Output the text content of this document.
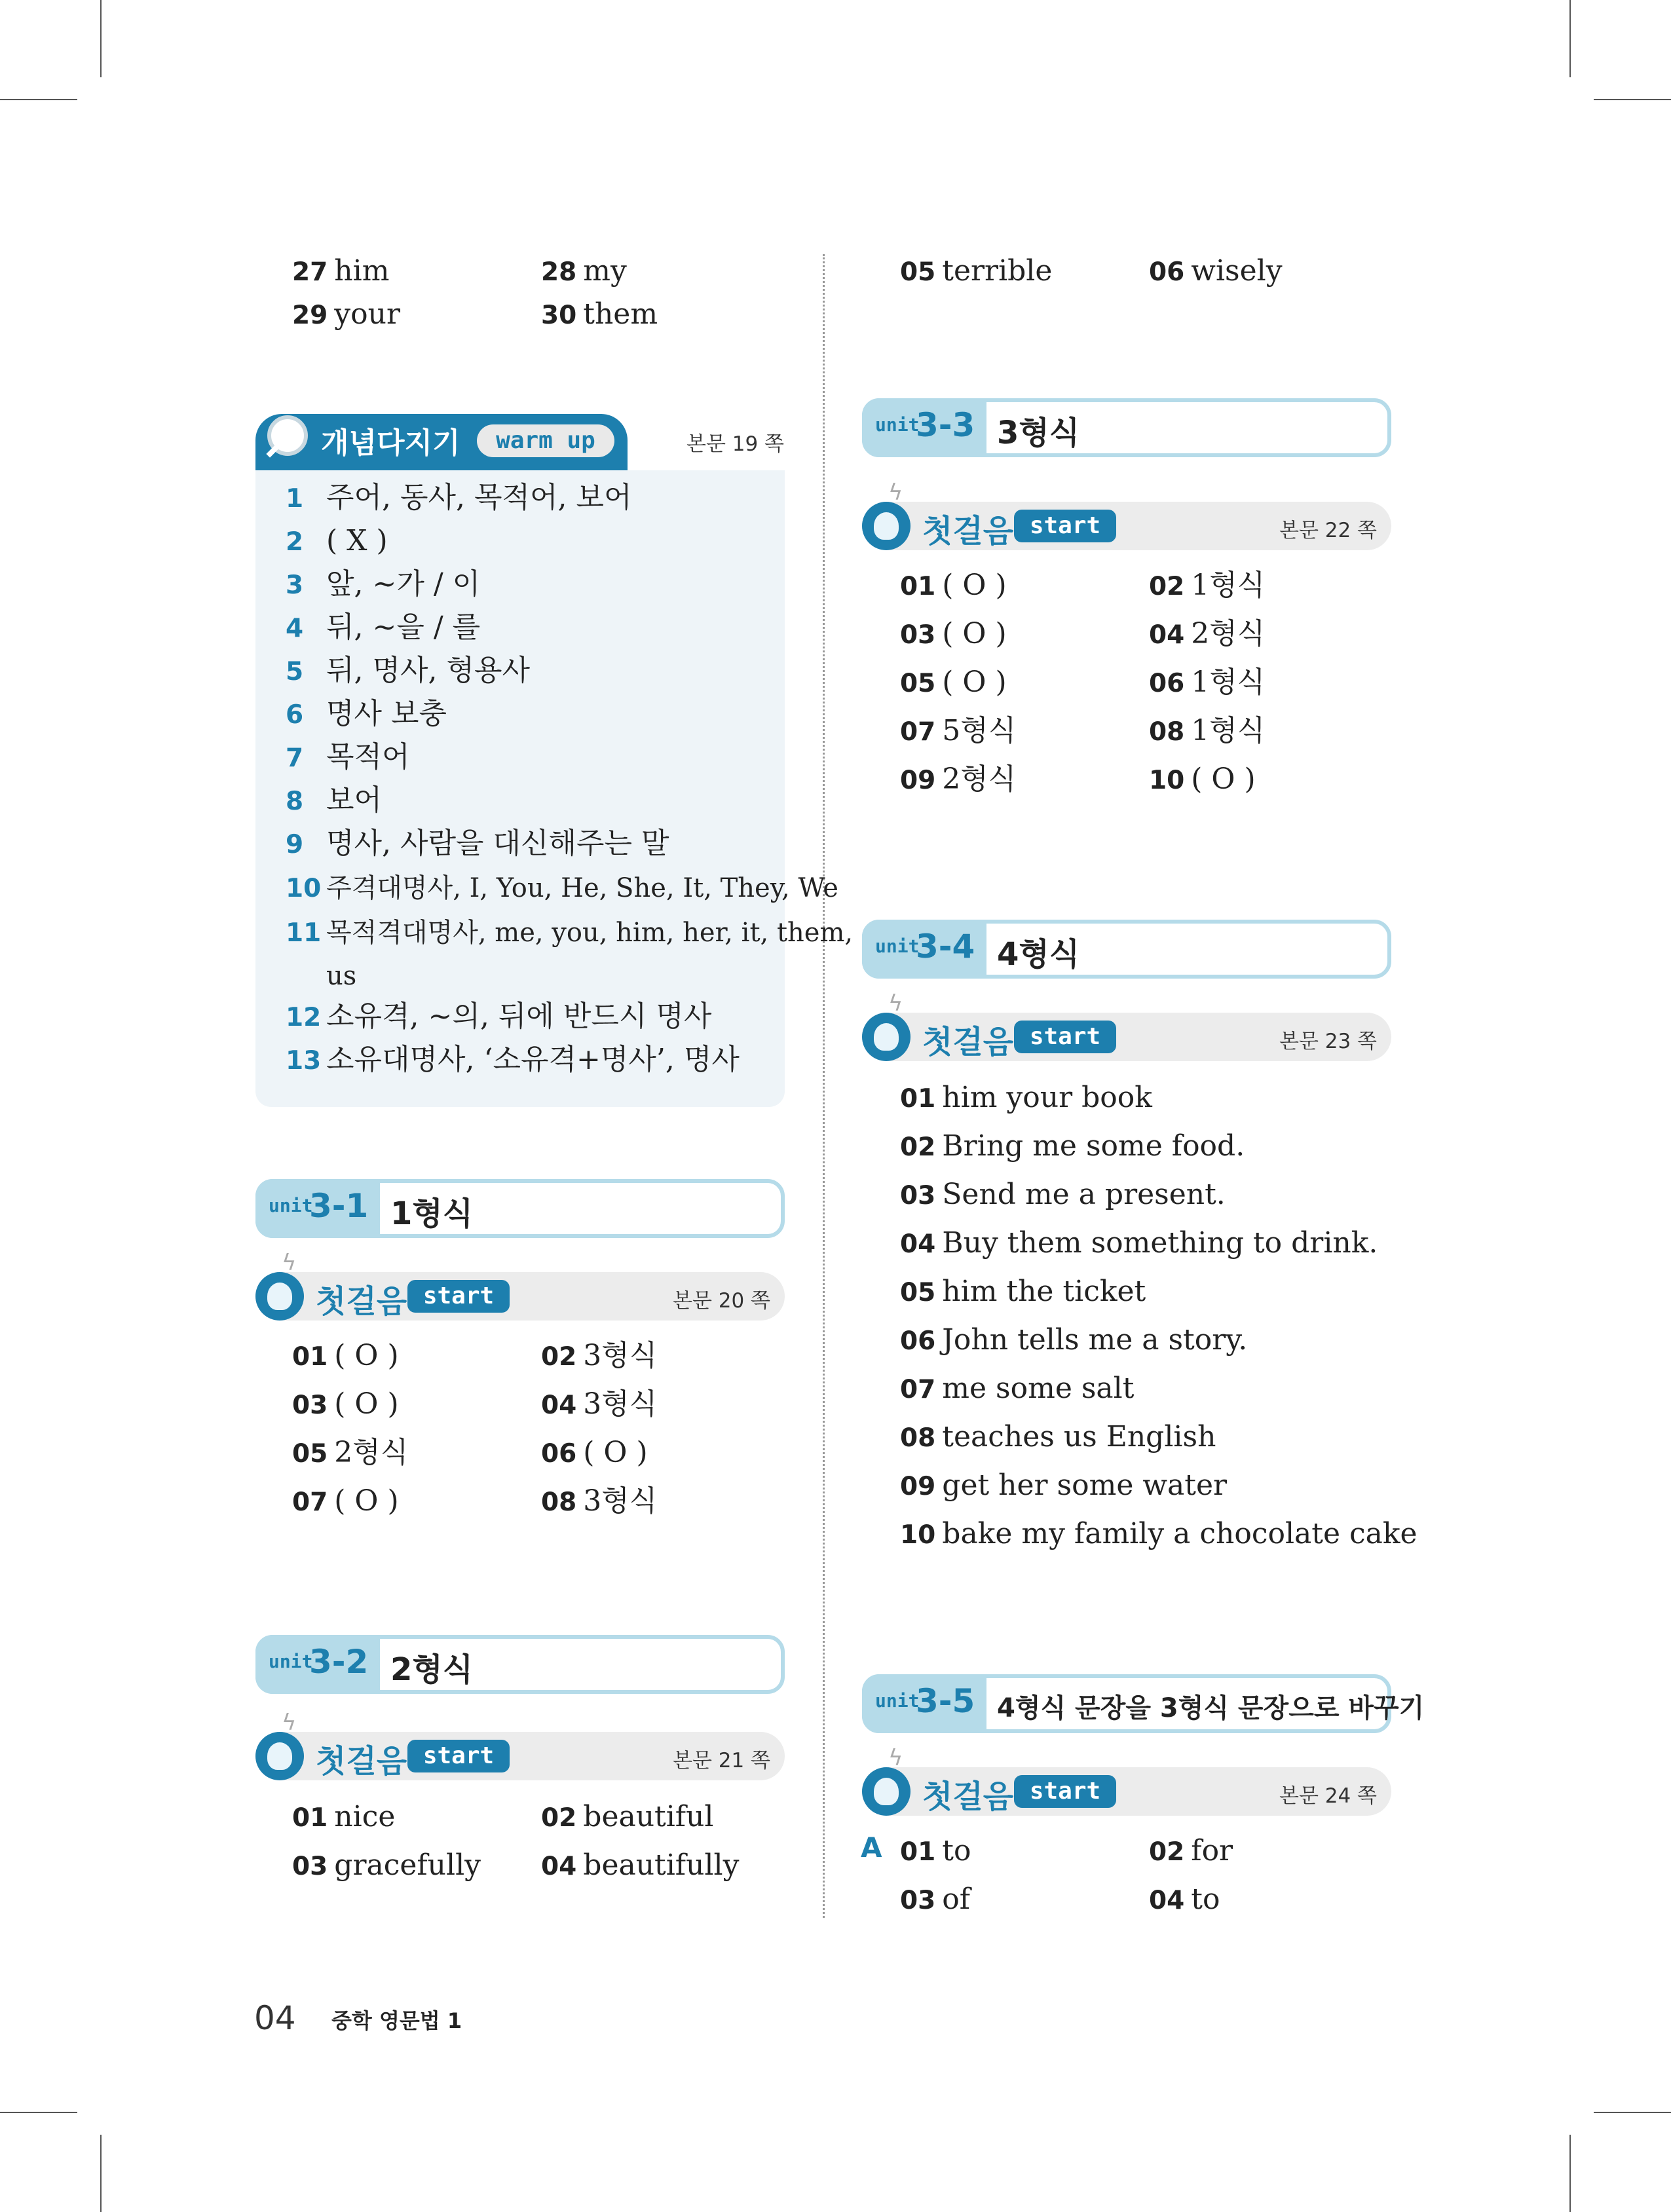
27 him	28 my
29 your	30 them
05 terrible	06 wisely
개념다지기	warm up	본문 19 쪽
1 주어, 동사, 목적어, 보어
2 ( X )
3 앞, ~가 / 이
4 뒤, ~을 / 를
5 뒤, 명사, 형용사
6 명사 보충
7 목적어
8 보어
9 명사, 사람을 대신해주는 말
10 주격대명사, I, You, He, She, It, They, We
11 목적격대명사, me, you, him, her, it, them,
us
12 소유격, ~의, 뒤에 반드시 명사
13 소유대명사, ‘소유격+명사’, 명사
unit
3-1 1형식
ϟ
첫걸음 start	본문 20 쪽
01 ( O )	02 3형식
03 ( O )	04 3형식
05 2형식	06 ( O )
07 ( O )	08 3형식
unit
3-2 2형식
ϟ
첫걸음 start	본문 21 쪽
01 nice	02 beautiful
03 gracefully 04 beautifully
unit
3-3 3형식
ϟ
첫걸음 start	본문 22 쪽
01 ( O )	02 1형식
03 ( O )	04 2형식
05 ( O )	06 1형식
07 5형식	08 1형식
09 2형식	10 ( O )
unit
3-4 4형식
ϟ
첫걸음 start	본문 23 쪽
01 him your book
02 Bring me some food.
03 Send me a present.
04 Buy them something to drink.
05 him the ticket
06 John tells me a story.
07 me some salt
08 teaches us English
09 get her some water
10 bake my family a chocolate cake
unit
3-5 4형식 문장을 3형식 문장으로 바꾸기
ϟ
첫걸음 start	본문 24 쪽
A 01 to	02 for
03 of	04 to
04 중학 영문법 1
